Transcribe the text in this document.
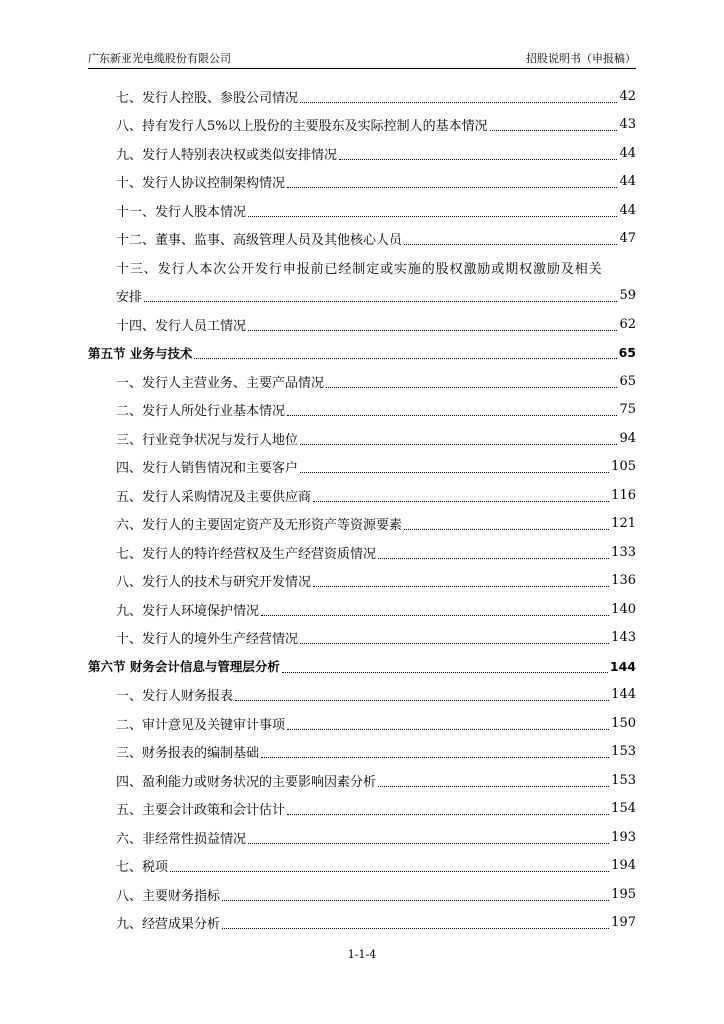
广东新亚光电缆股份有限公司	招股说明书（申报稿）
七、发行人控股、参股公司情况	42
八、持有发行人5%以上股份的主要股东及实际控制人的基本情况	43
九、发行人特别表决权或类似安排情况	44
十、发行人协议控制架构情况	44
十一、发行人股本情况	44
十二、董事、监事、高级管理人员及其他核心人员	47
十三、发行人本次公开发行申报前已经制定或实施的股权激励或期权激励及相关
安排	59
十四、发行人员工情况	62
第五节 业务与技术	65
一、发行人主营业务、主要产品情况	65
二、发行人所处行业基本情况	75
三、行业竞争状况与发行人地位	94
四、发行人销售情况和主要客户	105
五、发行人采购情况及主要供应商	116
六、发行人的主要固定资产及无形资产等资源要素	121
七、发行人的特许经营权及生产经营资质情况	133
八、发行人的技术与研究开发情况	136
九、发行人环境保护情况	140
十、发行人的境外生产经营情况	143
第六节 财务会计信息与管理层分析	144
一、发行人财务报表	144
二、审计意见及关键审计事项	150
三、财务报表的编制基础	153
四、盈利能力或财务状况的主要影响因素分析	153
五、主要会计政策和会计估计	154
六、非经常性损益情况	193
七、税项	194
八、主要财务指标	195
九、经营成果分析	197
1-1-4
